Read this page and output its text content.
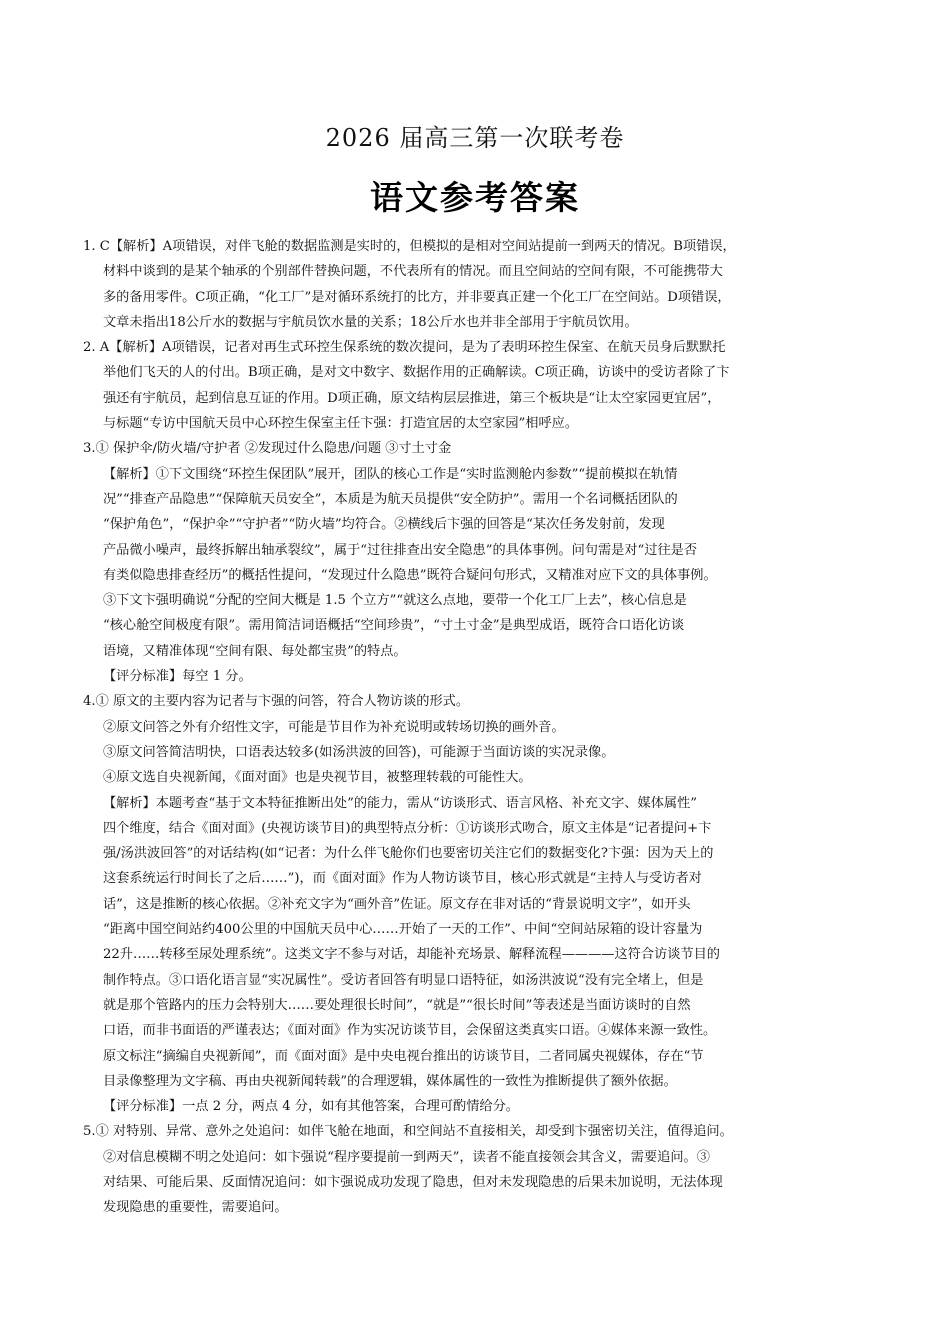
2026 届高三第一次联考卷
语文参考答案
1. C【解析】A项错误，对伴飞舱的数据监测是实时的，但模拟的是相对空间站提前一到两天的情况。B项错误，
材料中谈到的是某个轴承的个别部件替换问题，不代表所有的情况。而且空间站的空间有限，不可能携带大
多的备用零件。C项正确，“化工厂”是对循环系统打的比方，并非要真正建一个化工厂在空间站。D项错误，
文章未指出18公斤水的数据与宇航员饮水量的关系；18公斤水也并非全部用于宇航员饮用。
2. A【解析】A项错误，记者对再生式环控生保系统的数次提问，是为了表明环控生保室、在航天员身后默默托
举他们飞天的人的付出。B项正确，是对文中数字、数据作用的正确解读。C项正确，访谈中的受访者除了卞
强还有宇航员，起到信息互证的作用。D项正确，原文结构层层推进，第三个板块是“让太空家园更宜居”，
与标题“专访中国航天员中心环控生保室主任卞强：打造宜居的太空家园”相呼应。
3.① 保护伞/防火墙/守护者 ②发现过什么隐患/问题 ③寸土寸金
【解析】①下文围绕“环控生保团队”展开，团队的核心工作是“实时监测舱内参数”“提前模拟在轨情
况”“排查产品隐患”“保障航天员安全”，本质是为航天员提供“安全防护”。需用一个名词概括团队的
“保护角色”，“保护伞”“守护者”“防火墙”均符合。②横线后卞强的回答是“某次任务发射前，发现
产品微小噪声，最终拆解出轴承裂纹”，属于“过往排查出安全隐患”的具体事例。问句需是对“过往是否
有类似隐患排查经历”的概括性提问，“发现过什么隐患”既符合疑问句形式，又精准对应下文的具体事例。
③下文卞强明确说“分配的空间大概是 1.5 个立方”“就这么点地，要带一个化工厂上去”，核心信息是
“核心舱空间极度有限”。需用简洁词语概括“空间珍贵”，“寸土寸金”是典型成语，既符合口语化访谈
语境，又精准体现“空间有限、每处都宝贵”的特点。
【评分标准】每空 1 分。
4.① 原文的主要内容为记者与卞强的问答，符合人物访谈的形式。
②原文问答之外有介绍性文字，可能是节目作为补充说明或转场切换的画外音。
③原文问答简洁明快，口语表达较多(如汤洪波的回答)，可能源于当面访谈的实况录像。
④原文选自央视新闻，《面对面》也是央视节目，被整理转载的可能性大。
【解析】本题考查“基于文本特征推断出处”的能力，需从“访谈形式、语言风格、补充文字、媒体属性”
四个维度，结合《面对面》(央视访谈节目)的典型特点分析：①访谈形式吻合，原文主体是“记者提问+卞
强/汤洪波回答”的对话结构(如“记者：为什么伴飞舱你们也要密切关注它们的数据变化?卞强：因为天上的
这套系统运行时间长了之后……”)，而《面对面》作为人物访谈节目，核心形式就是“主持人与受访者对
话”，这是推断的核心依据。②补充文字为“画外音”佐证。原文存在非对话的“背景说明文字”，如开头
“距离中国空间站约400公里的中国航天员中心……开始了一天的工作”、中间“空间站尿箱的设计容量为
22升……转移至尿处理系统”。这类文字不参与对话，却能补充场景、解释流程————这符合访谈节目的
制作特点。③口语化语言显“实况属性”。受访者回答有明显口语特征，如汤洪波说“没有完全堵上，但是
就是那个管路内的压力会特别大……要处理很长时间”，“就是”“很长时间”等表述是当面访谈时的自然
口语，而非书面语的严谨表达；《面对面》作为实况访谈节目，会保留这类真实口语。④媒体来源一致性。
原文标注“摘编自央视新闻”，而《面对面》是中央电视台推出的访谈节目，二者同属央视媒体，存在“节
目录像整理为文字稿、再由央视新闻转载”的合理逻辑，媒体属性的一致性为推断提供了额外依据。
【评分标准】一点 2 分，两点 4 分，如有其他答案，合理可酌情给分。
5.① 对特别、异常、意外之处追问：如伴飞舱在地面，和空间站不直接相关，却受到卞强密切关注，值得追问。
②对信息模糊不明之处追问：如卞强说“程序要提前一到两天”，读者不能直接领会其含义，需要追问。③
对结果、可能后果、反面情况追问：如卞强说成功发现了隐患，但对未发现隐患的后果未加说明，无法体现
发现隐患的重要性，需要追问。
